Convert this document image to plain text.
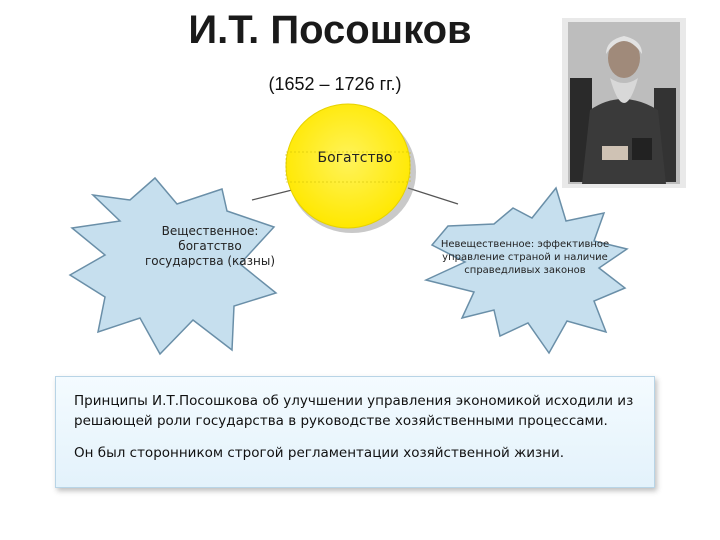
И.Т. Посошков
(1652 – 1726 гг.)
Богатство
Вещественное: богатство государства (казны)
Невещественное: эффективное управление страной и наличие справедливых законов

Принципы И.Т.Посошкова об улучшении управления экономикой исходили из решающей роли государства в руководстве хозяйственными процессами.

Он был сторонником строгой регламентации хозяйственной жизни.
